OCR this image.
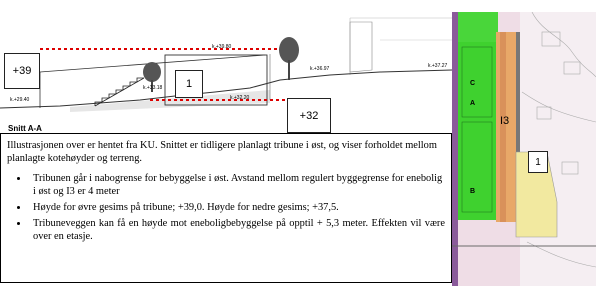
k.+39.80
k.+33.18
k.+32.20
k.+36.97	k.+37.27
k.+29.40
+39
+32
1
Snitt A-A
I3
A
B
C
1

Illustrasjonen over er hentet fra KU. Snittet er tidligere planlagt tribune i øst, og viser forholdet mellom planlagte kotehøyder og terreng.

• Tribunen går i nabogrense for bebyggelse i øst. Avstand mellom regulert byggegrense for enebolig i øst og I3 er 4 meter
• Høyde for øvre gesims på tribune; +39,0. Høyde for nedre gesims; +37,5.
• Tribuneveggen kan få en høyde mot eneboligbebyggelse på opptil + 5,3 meter. Effekten vil være over en etasje.
